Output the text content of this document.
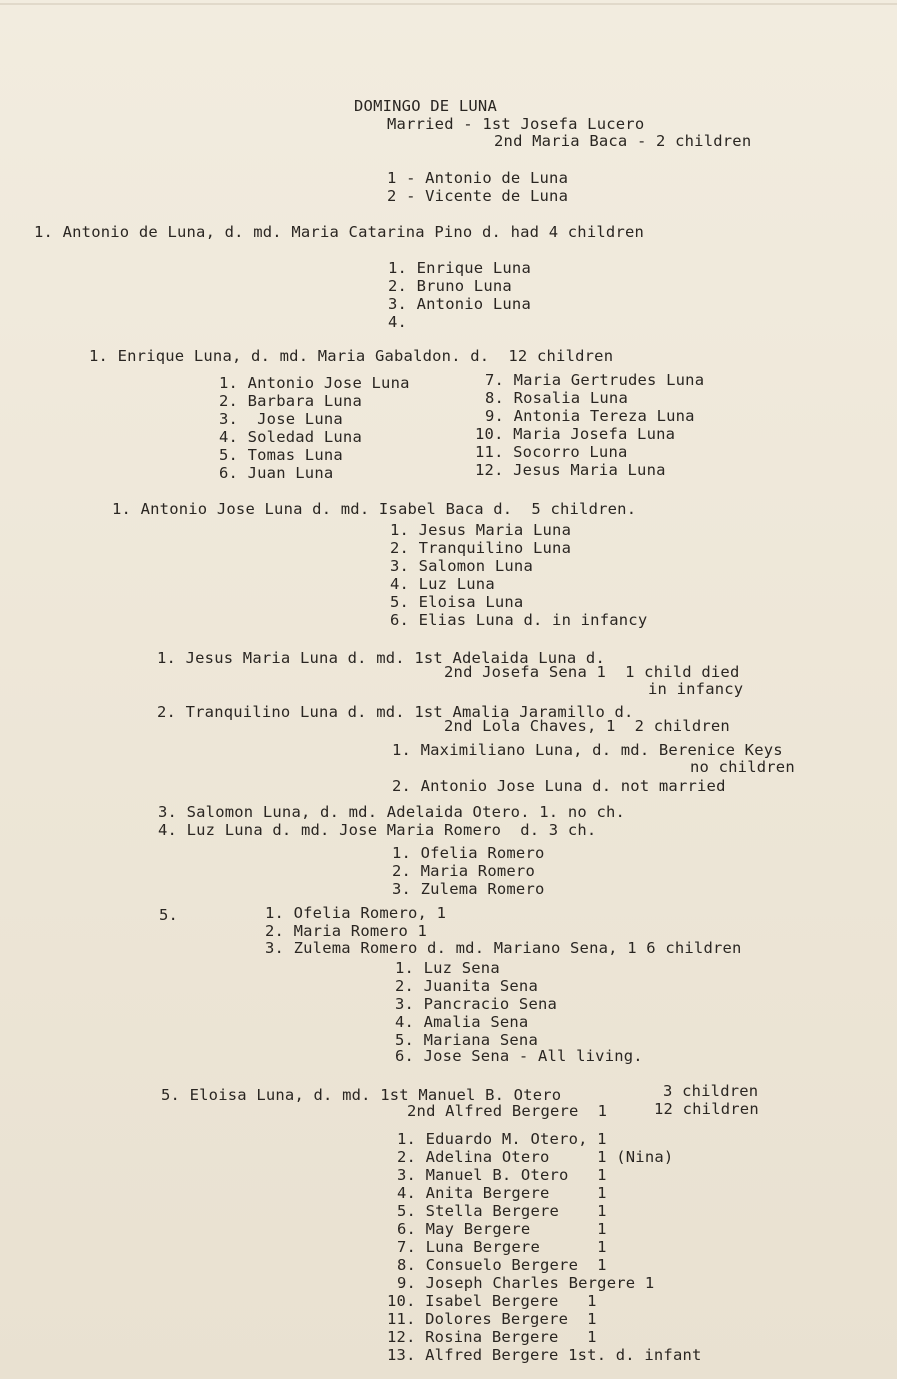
DOMINGO DE LUNA
Married - 1st Josefa Lucero
2nd Maria Baca - 2 children
1 - Antonio de Luna
2 - Vicente de Luna
1. Antonio de Luna, d. md. Maria Catarina Pino d. had 4 children
1. Enrique Luna
2. Bruno Luna
3. Antonio Luna
4.
1. Enrique Luna, d. md. Maria Gabaldon. d.  12 children
1. Antonio Jose Luna
2. Barbara Luna
3.  Jose Luna
4. Soledad Luna
5. Tomas Luna
6. Juan Luna
7. Maria Gertrudes Luna
8. Rosalia Luna
9. Antonia Tereza Luna
10. Maria Josefa Luna
11. Socorro Luna
12. Jesus Maria Luna
1. Antonio Jose Luna d. md. Isabel Baca d.  5 children.
1. Jesus Maria Luna
2. Tranquilino Luna
3. Salomon Luna
4. Luz Luna
5. Eloisa Luna
6. Elias Luna d. in infancy
1. Jesus Maria Luna d. md. 1st Adelaida Luna d.
2nd Josefa Sena 1  1 child died
in infancy
2. Tranquilino Luna d. md. 1st Amalia Jaramillo d.
2nd Lola Chaves, 1  2 children
1. Maximiliano Luna, d. md. Berenice Keys
no children
2. Antonio Jose Luna d. not married
3. Salomon Luna, d. md. Adelaida Otero. 1. no ch.
4. Luz Luna d. md. Jose Maria Romero  d. 3 ch.
1. Ofelia Romero
2. Maria Romero
3. Zulema Romero
5.	1. Ofelia Romero, 1
2. Maria Romero 1
3. Zulema Romero d. md. Mariano Sena, 1 6 children
1. Luz Sena
2. Juanita Sena
3. Pancracio Sena
4. Amalia Sena
5. Mariana Sena
6. Jose Sena - All living.
5. Eloisa Luna, d. md. 1st Manuel B. Otero	3 children
2nd Alfred Bergere  1	12 children
1. Eduardo M. Otero, 1
2. Adelina Otero     1 (Nina)
3. Manuel B. Otero   1
4. Anita Bergere     1
5. Stella Bergere    1
6. May Bergere       1
7. Luna Bergere      1
8. Consuelo Bergere  1
9. Joseph Charles Bergere 1
10. Isabel Bergere   1
11. Dolores Bergere  1
12. Rosina Bergere   1
13. Alfred Bergere 1st. d. infant
